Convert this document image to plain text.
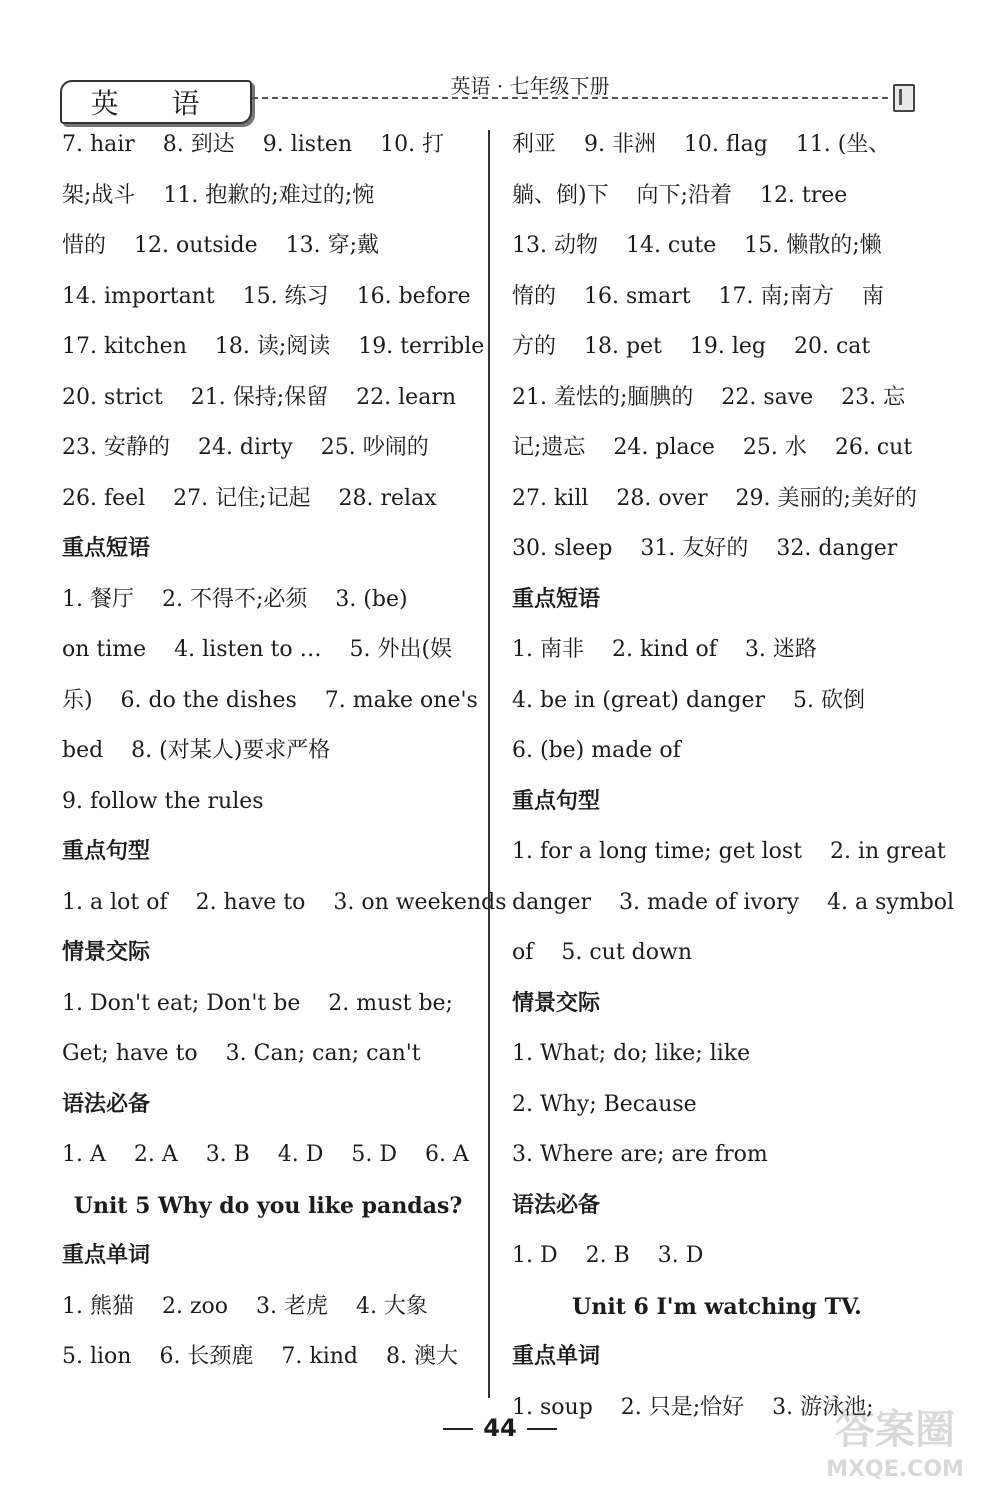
英 语
英语 · 七年级下册
7. hair    8. 到达    9. listen    10. 打
架;战斗    11. 抱歉的;难过的;惋
惜的    12. outside    13. 穿;戴
14. important    15. 练习    16. before
17. kitchen    18. 读;阅读    19. terrible
20. strict    21. 保持;保留    22. learn
23. 安静的    24. dirty    25. 吵闹的
26. feel    27. 记住;记起    28. relax
重点短语
1. 餐厅    2. 不得不;必须    3. (be)
on time    4. listen to …    5. 外出(娱
乐)    6. do the dishes    7. make one's
bed    8. (对某人)要求严格
9. follow the rules
重点句型
1. a lot of    2. have to    3. on weekends
情景交际
1. Don't eat; Don't be    2. must be;
Get; have to    3. Can; can; can't
语法必备
1. A    2. A    3. B    4. D    5. D    6. A
Unit 5 Why do you like pandas?
重点单词
1. 熊猫    2. zoo    3. 老虎    4. 大象
5. lion    6. 长颈鹿    7. kind    8. 澳大
利亚    9. 非洲    10. flag    11. (坐、
躺、倒)下    向下;沿着    12. tree
13. 动物    14. cute    15. 懒散的;懒
惰的    16. smart    17. 南;南方    南
方的    18. pet    19. leg    20. cat
21. 羞怯的;腼腆的    22. save    23. 忘
记;遗忘    24. place    25. 水    26. cut
27. kill    28. over    29. 美丽的;美好的
30. sleep    31. 友好的    32. danger
重点短语
1. 南非    2. kind of    3. 迷路
4. be in (great) danger    5. 砍倒
6. (be) made of
重点句型
1. for a long time; get lost    2. in great
danger    3. made of ivory    4. a symbol
of    5. cut down
情景交际
1. What; do; like; like
2. Why; Because
3. Where are; are from
语法必备
1. D    2. B    3. D
Unit 6 I'm watching TV.
重点单词
1. soup    2. 只是;恰好    3. 游泳池;
44	答案圈
MXQE.COM
